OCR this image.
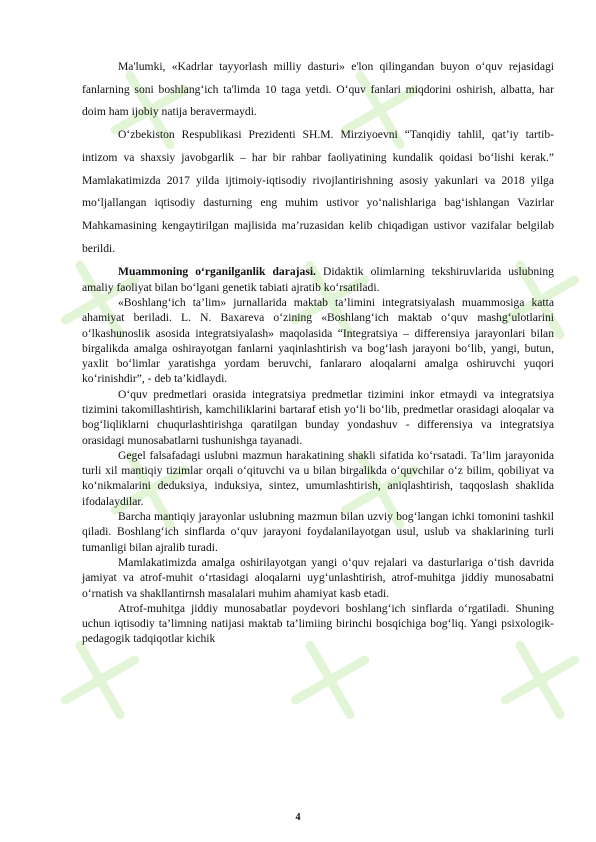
Ma'lumki, «Kadrlar tayyorlash milliy dasturi» e'lon qilingandan buyon o‘quv rejasidagi fanlarning soni boshlang‘ich ta'limda 10 taga yetdi. O‘quv fanlari miqdorini oshirish, albatta, har doim ham ijobiy natija beravermaydi.

O‘zbekiston Respublikasi Prezidenti SH.M. Mirziyoevni “Tanqidiy tahlil, qat’iy tartib-intizom va shaxsiy javobgarlik – har bir rahbar faoliyatining kundalik qoidasi bo‘lishi kerak.” Mamlakatimizda 2017 yilda ijtimoiy-iqtisodiy rivojlantirishning asosiy yakunlari va 2018 yilga mo‘ljallangan iqtisodiy dasturning eng muhim ustivor yo‘nalishlariga bag‘ishlangan Vazirlar Mahkamasining kengaytirilgan majlisida ma’ruzasidan kelib chiqadigan ustivor vazifalar belgilab berildi.

Muammoning o‘rganilganlik darajasi. Didaktik olimlarning tekshiruvlarida uslubning amaliy faoliyat bilan bo‘lgani genetik tabiati ajratib ko‘rsatiladi.

«Boshlang‘ich ta’lim» jurnallarida maktab ta’limini integratsiyalash muammosiga katta ahamiyat beriladi. L. N. Baxareva o‘zining «Boshlang‘ich maktab o‘quv mashg‘ulotlarini o‘lkashunoslik asosida integratsiyalash» maqolasida “Integratsiya – differensiya jarayonlari bilan birgalikda amalga oshirayotgan fanlarni yaqinlashtirish va bog‘lash jarayoni bo‘lib, yangi, butun, yaxlit bo‘limlar yaratishga yordam beruvchi, fanlararo aloqalarni amalga oshiruvchi yuqori ko‘rinishdir”, - deb ta’kidlaydi.

O‘quv predmetlari orasida integratsiya predmetlar tizimini inkor etmaydi va integratsiya tizimini takomillashtirish, kamchiliklarini bartaraf etish yo‘li bo‘lib, predmetlar orasidagi aloqalar va bog‘liqliklarni chuqurlashtirishga qaratilgan bunday yondashuv - differensiya va integratsiya orasidagi munosabatlarni tushunishga tayanadi.

Gegel falsafadagi uslubni mazmun harakatining shakli sifatida ko‘rsatadi. Ta’lim jarayonida turli xil mantiqiy tizimlar orqali o‘qituvchi va u bilan birgalikda o‘quvchilar o‘z bilim, qobiliyat va ko‘nikmalarini deduksiya, induksiya, sintez, umumlashtirish, aniqlashtirish, taqqoslash shaklida ifodalaydilar.

Barcha mantiqiy jarayonlar uslubning mazmun bilan uzviy bog‘langan ichki tomonini tashkil qiladi. Boshlang‘ich sinflarda o‘quv jarayoni foydalanilayotgan usul, uslub va shaklarining turli tumanligi bilan ajralib turadi.

Mamlakatimizda amalga oshirilayotgan yangi o‘quv rejalari va dasturlariga o‘tish davrida jamiyat va atrof-muhit o‘rtasidagi aloqalarni uyg‘unlashtirish, atrof-muhitga jiddiy munosabatni o‘rnatish va shakllantirnsh masalalari muhim ahamiyat kasb etadi.

Atrof-muhitga jiddiy munosabatlar poydevori boshlang‘ich sinflarda o‘rgatiladi. Shuning uchun iqtisodiy ta’limning natijasi maktab ta’limiing birinchi bosqichiga bog‘liq. Yangi psixologik-pedagogik tadqiqotlar kichik

4
